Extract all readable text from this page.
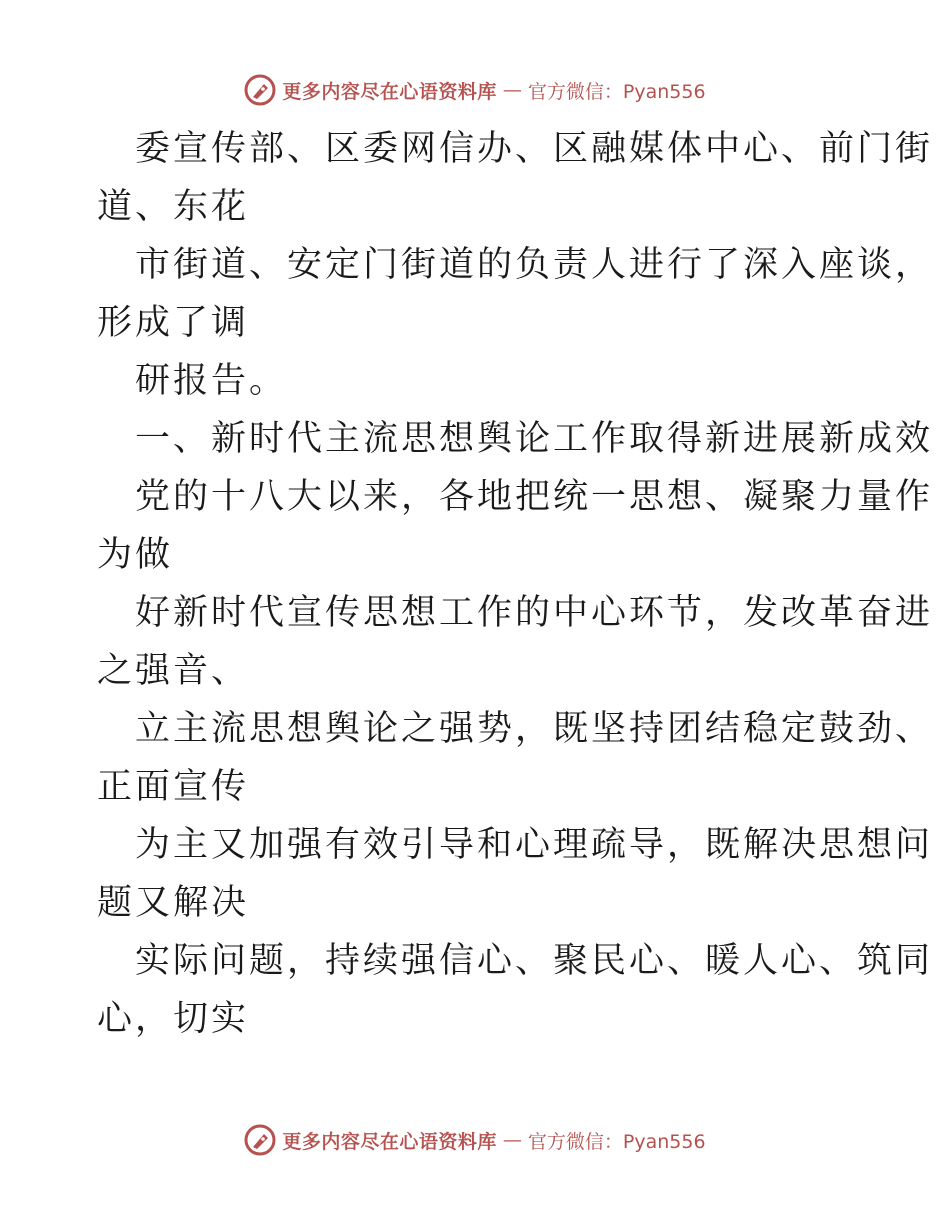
更多内容尽在心语资料库 — 官方微信：Pyan556
委宣传部、区委网信办、区融媒体中心、前门街
道、东花
市街道、安定门街道的负责人进行了深入座谈，
形成了调
研报告。
一、新时代主流思想舆论工作取得新进展新成效
党的十八大以来，各地把统一思想、凝聚力量作
为做
好新时代宣传思想工作的中心环节，发改革奋进
之强音、
立主流思想舆论之强势，既坚持团结稳定鼓劲、
正面宣传
为主又加强有效引导和心理疏导，既解决思想问
题又解决
实际问题，持续强信心、聚民心、暖人心、筑同
心，切实
更多内容尽在心语资料库 — 官方微信：Pyan556
